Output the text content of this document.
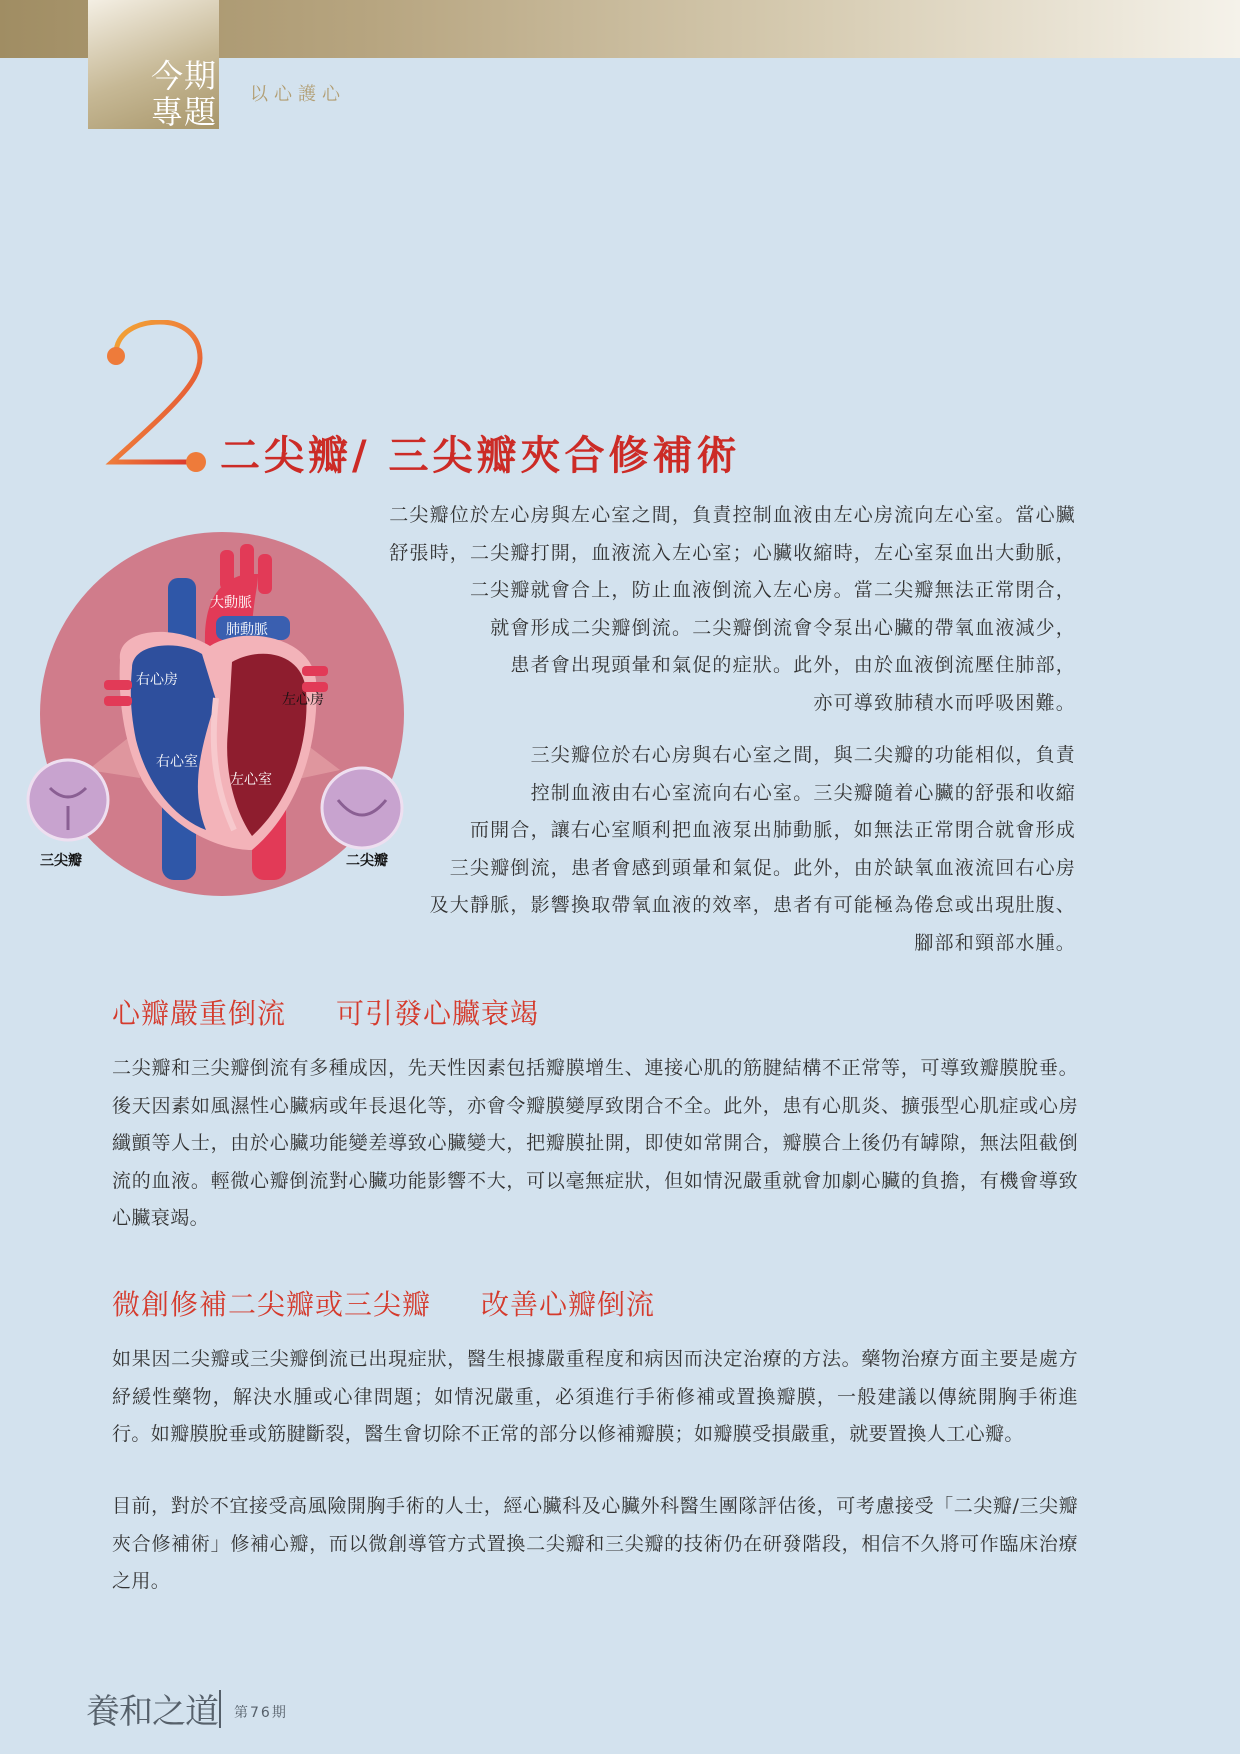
今期
專題 以心護心
二尖瓣/ 三尖瓣夾合修補術

二尖瓣位於左心房與左心室之間，負責控制血液由左心房流向左心室。當心臟

舒張時，二尖瓣打開，血液流入左心室；心臟收縮時，左心室泵血出大動脈，

二尖瓣就會合上，防止血液倒流入左心房。當二尖瓣無法正常閉合，

就會形成二尖瓣倒流。二尖瓣倒流會令泵出心臟的帶氧血液減少，

患者會出現頭暈和氣促的症狀。此外，由於血液倒流壓住肺部，

亦可導致肺積水而呼吸困難。

三尖瓣位於右心房與右心室之間，與二尖瓣的功能相似，負責

控制血液由右心室流向右心室。三尖瓣隨着心臟的舒張和收縮

而開合，讓右心室順利把血液泵出肺動脈，如無法正常閉合就會形成

三尖瓣倒流，患者會感到頭暈和氣促。此外，由於缺氧血液流回右心房

及大靜脈，影響換取帶氧血液的效率，患者有可能極為倦怠或出現肚腹、

腳部和頸部水腫。

大動脈
肺動脈
右心房
左心房
右心室
左心室
三尖瓣	二尖瓣
心瓣嚴重倒流 可引發心臟衰竭

二尖瓣和三尖瓣倒流有多種成因，先天性因素包括瓣膜增生、連接心肌的筋腱結構不正常等，可導致瓣膜脫垂。後天因素如風濕性心臟病或年長退化等，亦會令瓣膜變厚致閉合不全。此外，患有心肌炎、擴張型心肌症或心房纖顫等人士，由於心臟功能變差導致心臟變大，把瓣膜扯開，即使如常開合，瓣膜合上後仍有罅隙，無法阻截倒流的血液。輕微心瓣倒流對心臟功能影響不大，可以毫無症狀，但如情況嚴重就會加劇心臟的負擔，有機會導致心臟衰竭。

微創修補二尖瓣或三尖瓣 改善心瓣倒流

如果因二尖瓣或三尖瓣倒流已出現症狀，醫生根據嚴重程度和病因而決定治療的方法。藥物治療方面主要是處方紓緩性藥物，解決水腫或心律問題；如情況嚴重，必須進行手術修補或置換瓣膜，一般建議以傳統開胸手術進行。如瓣膜脫垂或筋腱斷裂，醫生會切除不正常的部分以修補瓣膜；如瓣膜受損嚴重，就要置換人工心瓣。

目前，對於不宜接受高風險開胸手術的人士，經心臟科及心臟外科醫生團隊評估後，可考慮接受「二尖瓣/三尖瓣夾合修補術」修補心瓣，而以微創導管方式置換二尖瓣和三尖瓣的技術仍在研發階段，相信不久將可作臨床治療之用。

養和之道 第76期
